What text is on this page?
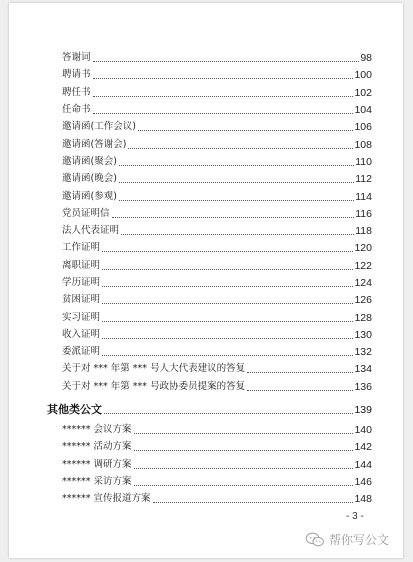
答谢词	98
聘请书	100
聘任书	102
任命书	104
邀请函(工作会议)	106
邀请函(答谢会)	108
邀请函(聚会)	110
邀请函(晚会)	112
邀请函(参观)	114
党员证明信	116
法人代表证明	118
工作证明	120
离职证明	122
学历证明	124
贫困证明	126
实习证明	128
收入证明	130
委派证明	132
关于对 *** 年第 *** 号人大代表建议的答复	134
关于对 *** 年第 *** 号政协委员提案的答复	136
其他类公文	139
****** 会议方案	140
****** 活动方案	142
****** 调研方案	144
****** 采访方案	146
****** 宣传报道方案	148
- 3 -
帮你写公文
